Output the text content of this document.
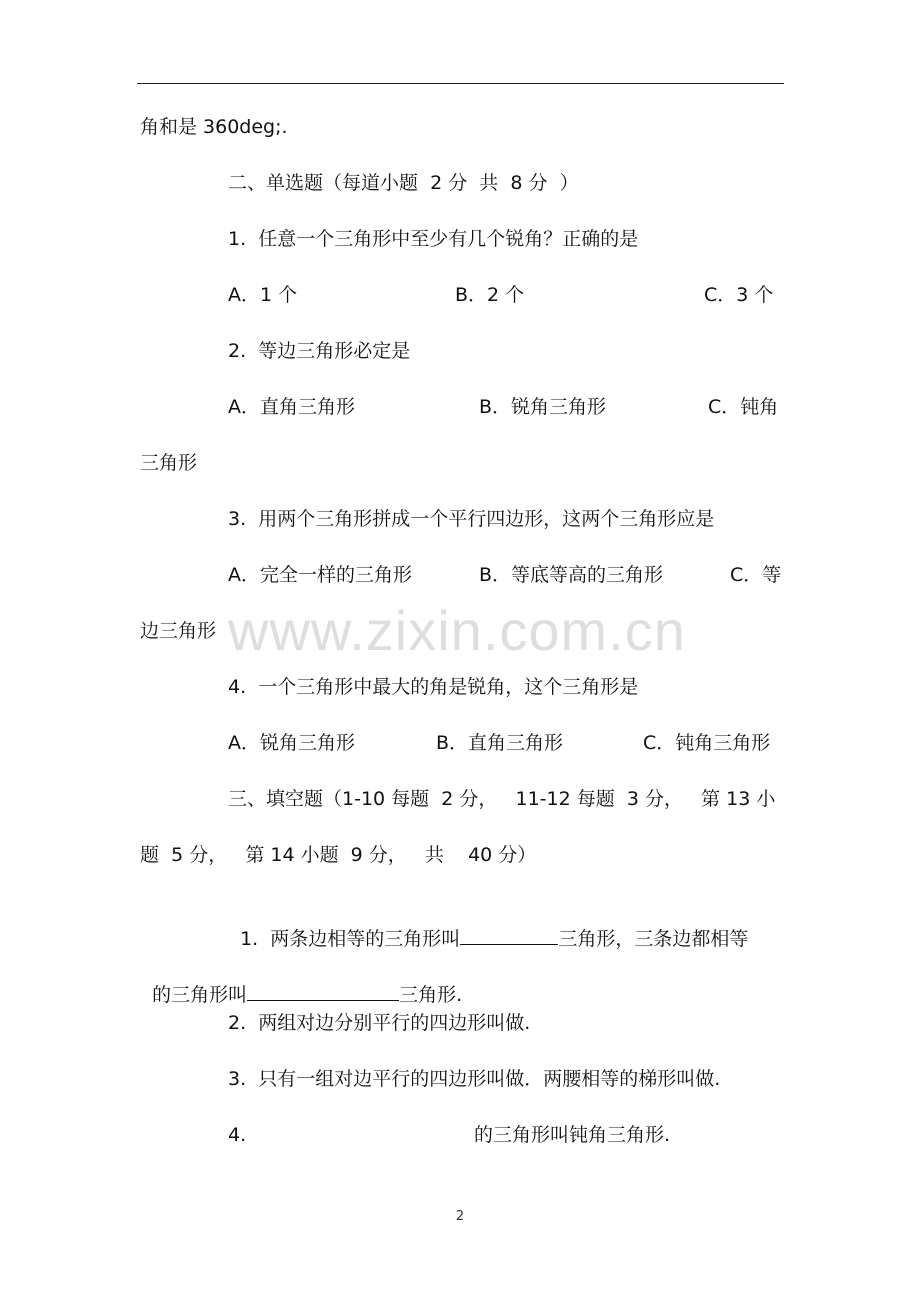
角和是 360deg;.
二、单选题（每道小题  2 分  共  8 分  ）
1.  任意一个三角形中至少有几个锐角？正确的是
A．1 个	B．2 个	C．3 个
2.  等边三角形必定是
A．直角三角形	B．锐角三角形	C．钝角
三角形
3.  用两个三角形拼成一个平行四边形，这两个三角形应是
A．完全一样的三角形	B．等底等高的三角形	C．等
边三角形
4.  一个三角形中最大的角是锐角，这个三角形是
A．锐角三角形	B．直角三角形	C．钝角三角形
三、填空题（1-10 每题  2 分，   11-12 每题  3 分，   第 13 小
题  5 分，   第 14 小题  9 分，   共    40 分）

1.  两条边相等的三角形叫	三角形，三条边都相等

的三角形叫	三角形.

2.  两组对边分别平行的四边形叫做.
3.  只有一组对边平行的四边形叫做．两腰相等的梯形叫做.
4.	的三角形叫钝角三角形.
www.zixin.com.cn
2
